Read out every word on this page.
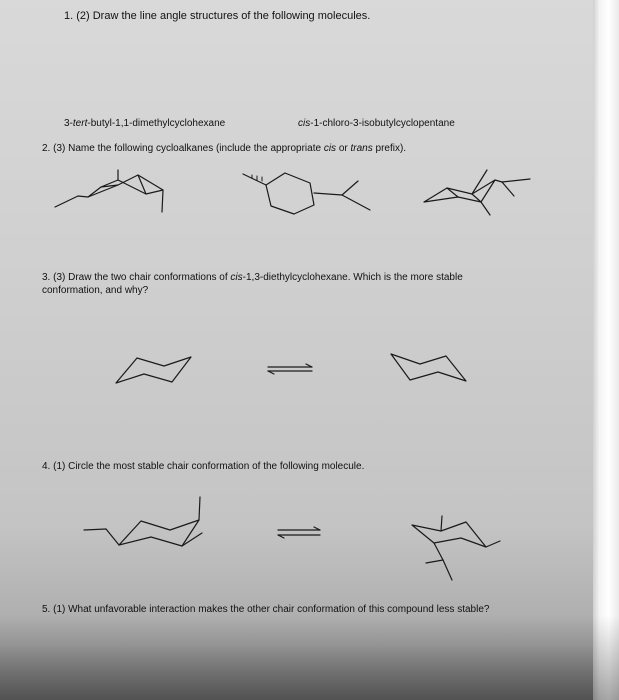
1. (2) Draw the line angle structures of the following molecules.
3-tert-butyl-1,1-dimethylcyclohexane	cis-1-chloro-3-isobutylcyclopentane
2. (3) Name the following cycloalkanes (include the appropriate cis or trans prefix).
3. (3) Draw the two chair conformations of cis-1,3-diethylcyclohexane. Which is the more stable
conformation, and why?
4. (1) Circle the most stable chair conformation of the following molecule.
5. (1) What unfavorable interaction makes the other chair conformation of this compound less stable?
